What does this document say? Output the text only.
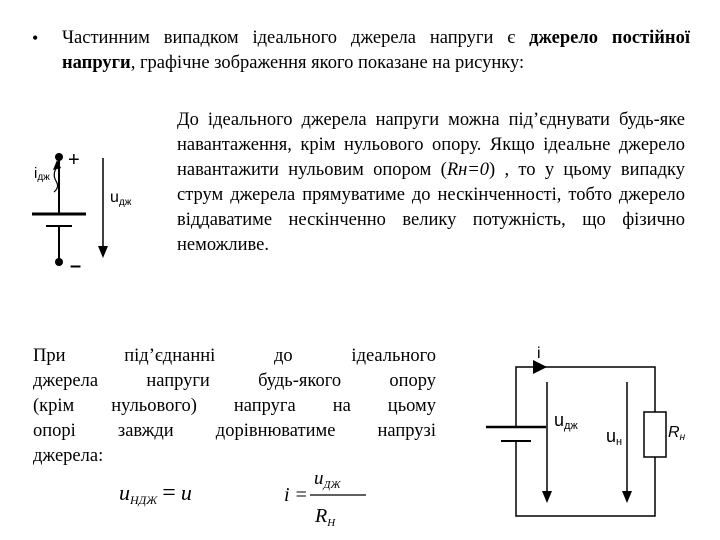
• Частинним випадком ідеального джерела напруги є джерело постійної напруги, графічне зображення якого показане на рисунку:
До ідеального джерела напруги можна під’єднувати будь-яке навантаження, крім нульового опору. Якщо ідеальне джерело навантажити нульовим опором (Rн=0) , то у цьому випадку струм джерела прямуватиме до нескінченності, тобто джерело віддаватиме нескінченно велику потужність, що фізично неможливе.
При під’єднанні до ідеального
джерела напруги будь-якого опору
(крім нульового) напруга на цьому
опорі завжди дорівнюватиме напрузі
джерела:
iдж
+
–
uдж
i
uдж uн
Rн
uНДЖ = u	i =
$u_{ДЖ}$
$R_Н$
